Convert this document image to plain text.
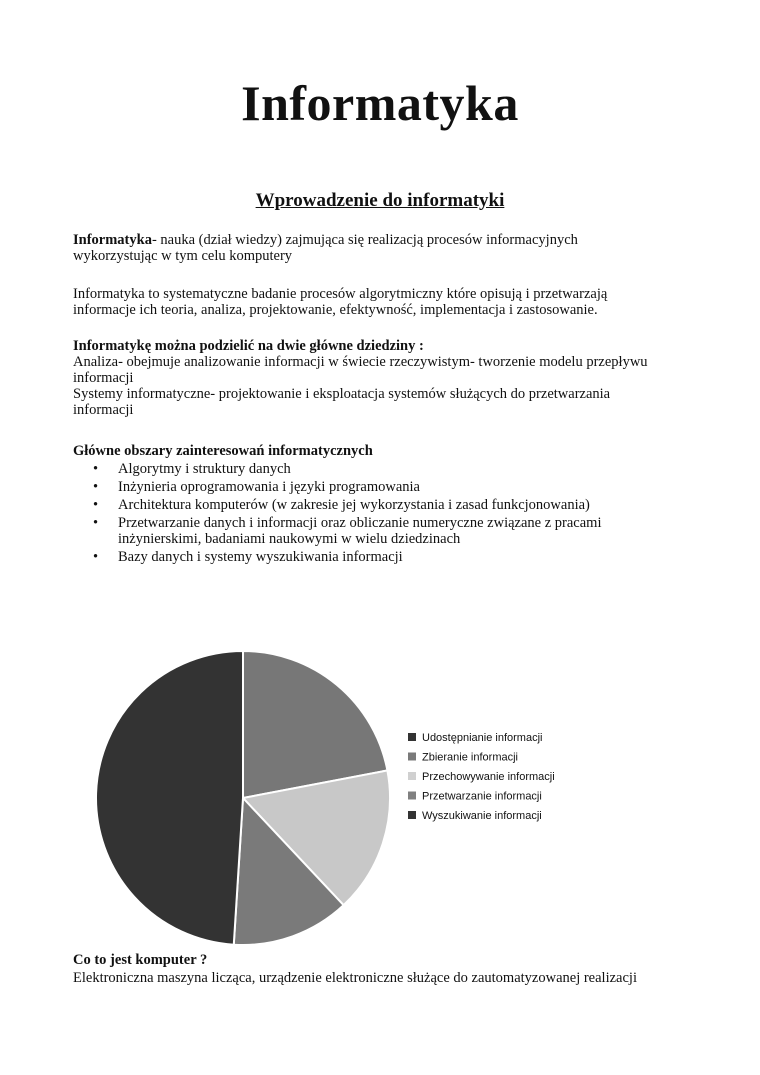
Informatyka
Wprowadzenie do informatyki
Informatyka- nauka (dział wiedzy) zajmująca się realizacją procesów informacyjnych
wykorzystując w tym celu komputery
Informatyka to systematyczne badanie procesów algorytmiczny które opisują i przetwarzają
informacje ich teoria, analiza, projektowanie, efektywność, implementacja i zastosowanie.
Informatykę można podzielić na dwie główne dziedziny :
Analiza- obejmuje analizowanie informacji w świecie rzeczywistym- tworzenie modelu przepływu
informacji
Systemy informatyczne- projektowanie i eksploatacja systemów służących do przetwarzania
informacji
Główne obszary zainteresowań informatycznych
• Algorytmy i struktury danych
• Inżynieria oprogramowania i języki programowania
• Architektura komputerów (w zakresie jej wykorzystania i zasad funkcjonowania)
• Przetwarzanie danych i informacji oraz obliczanie numeryczne związane z pracami
inżynierskimi, badaniami naukowymi w wielu dziedzinach
• Bazy danych i systemy wyszukiwania informacji
Udostępnianie informacji
Zbieranie informacji
Przechowywanie informacji
Przetwarzanie informacji
Wyszukiwanie informacji
Co to jest komputer ?
Elektroniczna maszyna licząca, urządzenie elektroniczne służące do zautomatyzowanej realizacji
